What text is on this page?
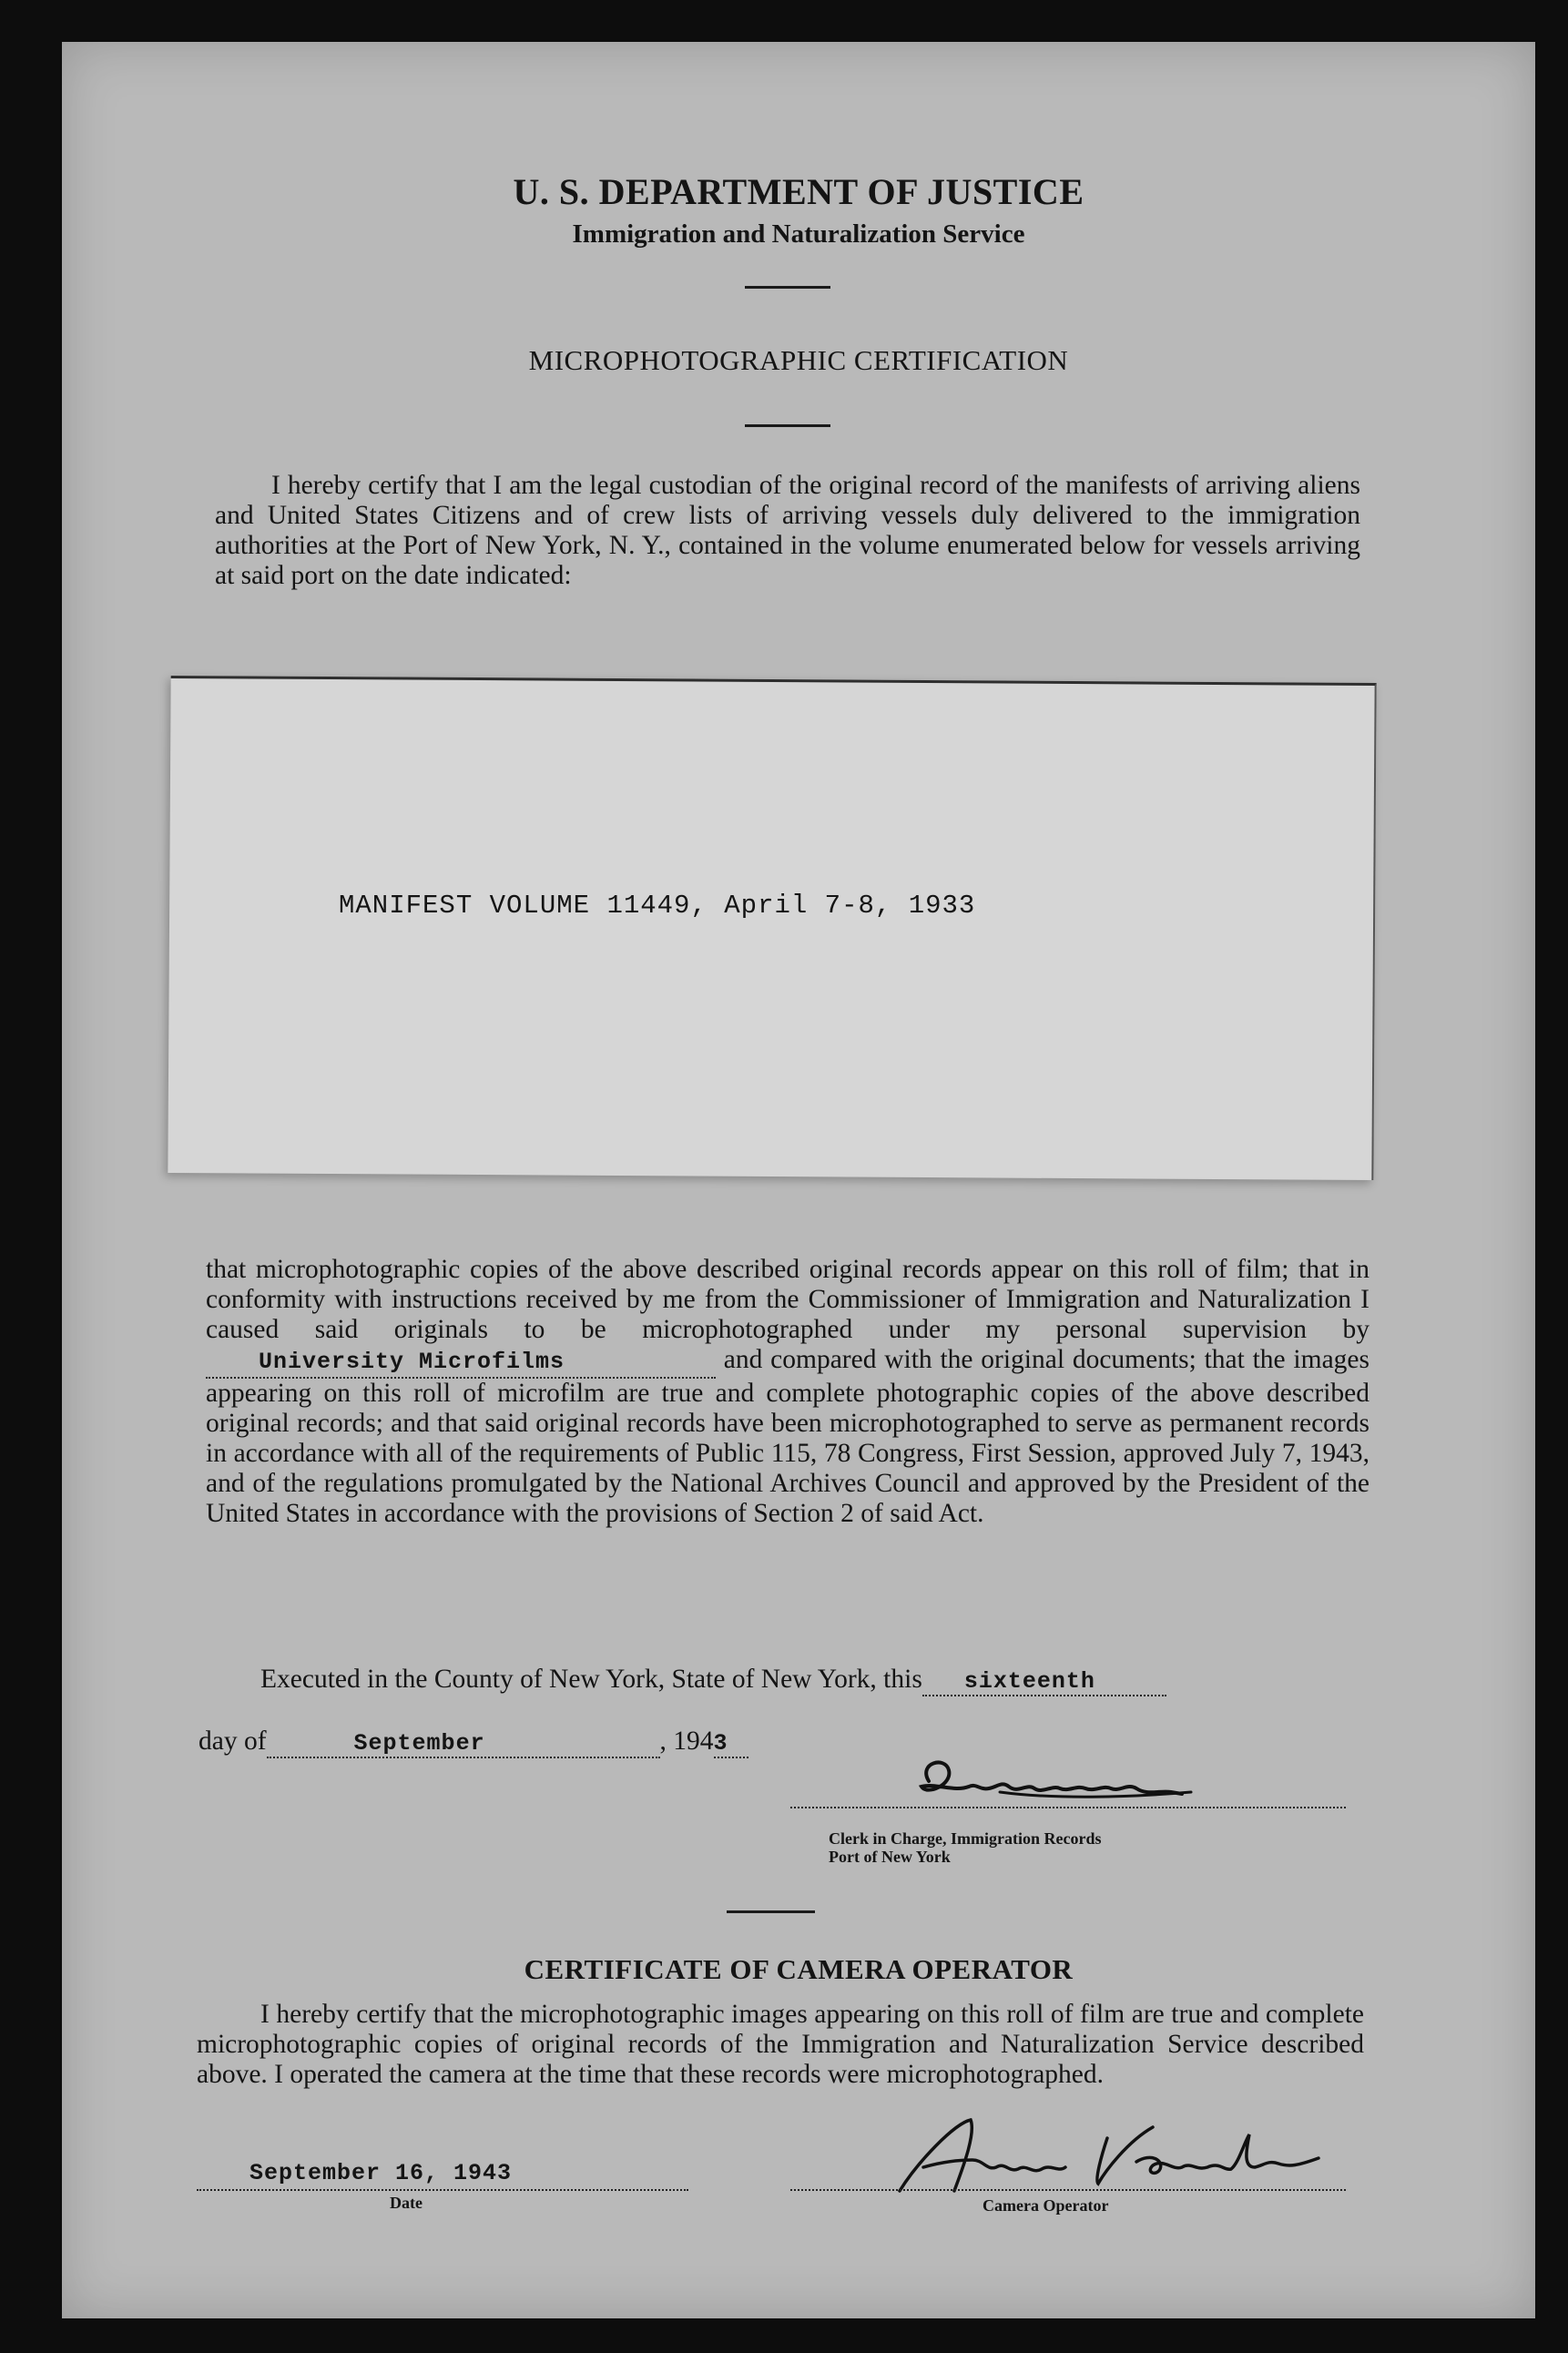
U. S. DEPARTMENT OF JUSTICE
Immigration and Naturalization Service
MICROPHOTOGRAPHIC CERTIFICATION
I hereby certify that I am the legal custodian of the original record of the manifests of arriving aliens and United States Citizens and of crew lists of arriving vessels duly delivered to the immigration authorities at the Port of New York, N. Y., contained in the volume enumerated below for vessels arriving at said port on the date indicated:
MANIFEST VOLUME 11449, April 7-8, 1933
that microphotographic copies of the above described original records appear on this roll of film; that in conformity with instructions received by me from the Commissioner of Immigration and Naturalization I caused said originals to be microphotographed under my personal supervision by University Microfilms	and compared with the original documents; that the images appearing on this roll of microfilm are true and complete photographic copies of the above described original records; and that said original records have been microphotographed to serve as permanent records in accordance with all of the requirements of Public 115, 78 Congress, First Session, approved July 7, 1943, and of the regulations promulgated by the National Archives Council and approved by the President of the United States in accordance with the provisions of Section 2 of said Act.
Executed in the County of New York, State of New York, this sixteenth
day of	September	, 1943
Clerk in Charge, Immigration Records
Port of New York
CERTIFICATE OF CAMERA OPERATOR
I hereby certify that the microphotographic images appearing on this roll of film are true and complete microphotographic copies of original records of the Immigration and Naturalization Service described above. I operated the camera at the time that these records were microphotographed.
September 16, 1943
Date	Camera Operator
